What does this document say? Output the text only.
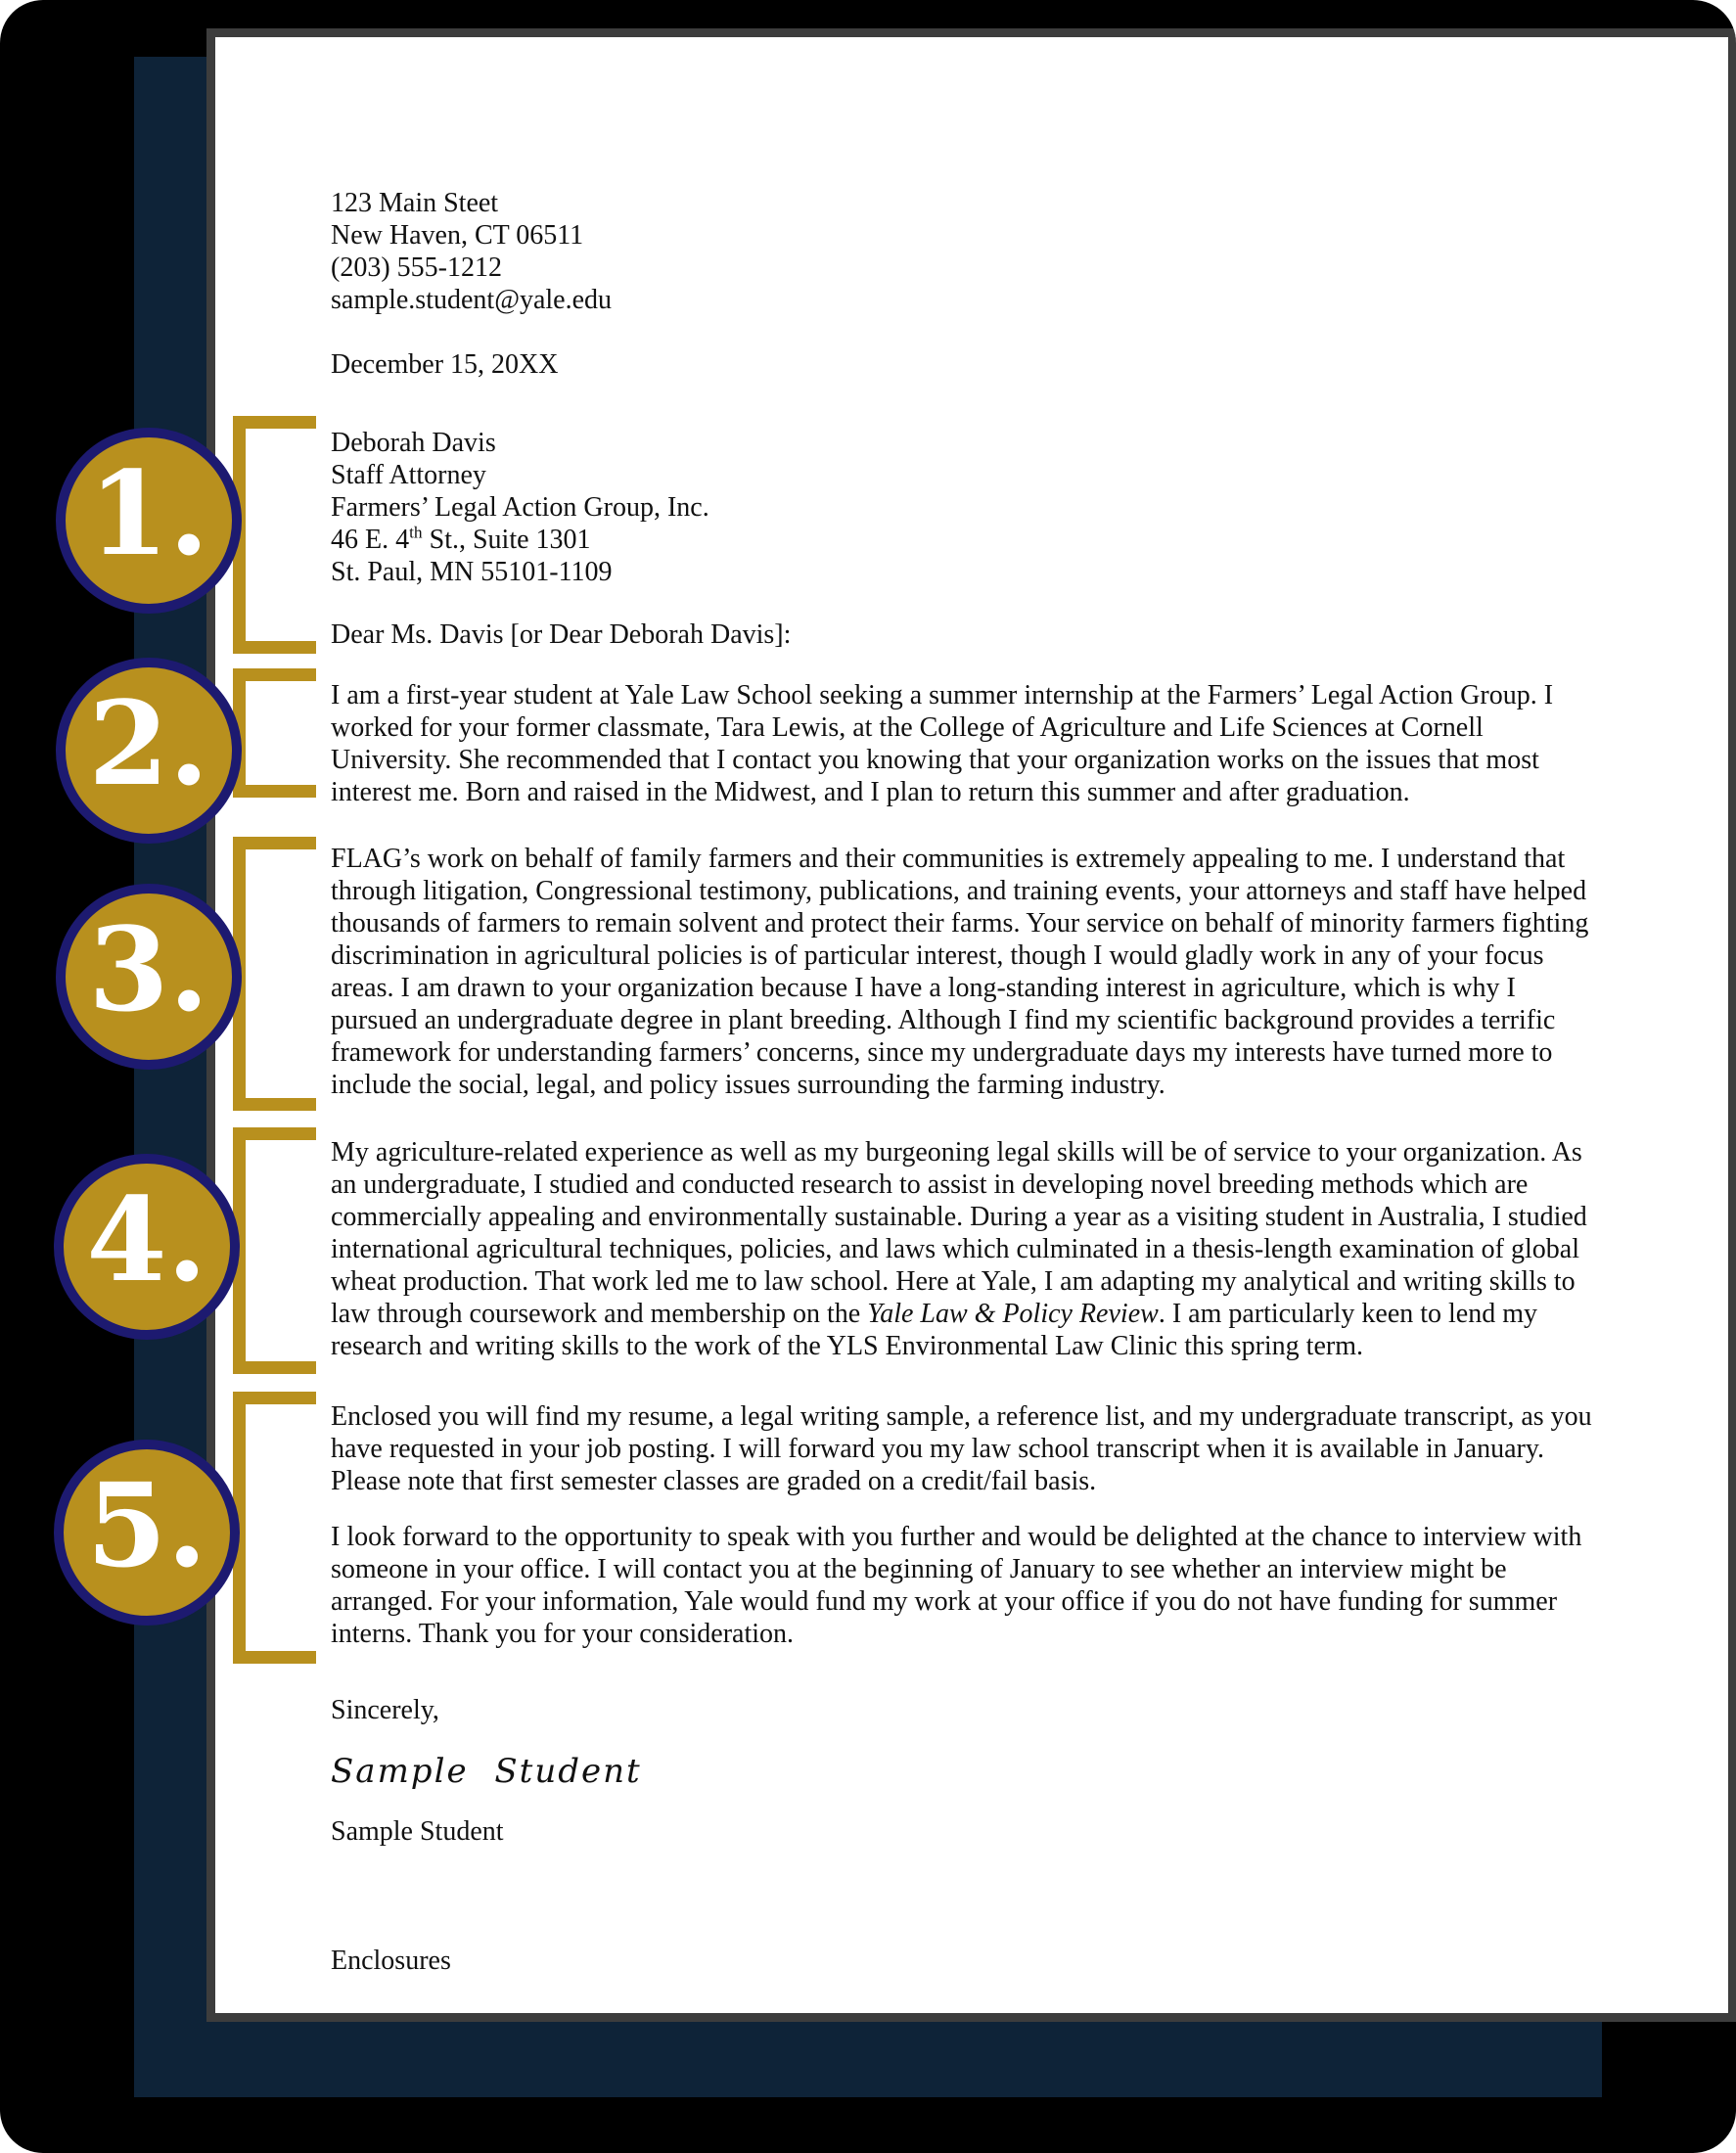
123 Main Steet
New Haven, CT 06511
(203) 555-1212
sample.student@yale.edu
December 15, 20XX
Deborah Davis
Staff Attorney
Farmers’ Legal Action Group, Inc.
46 E. 4th St., Suite 1301
St. Paul, MN 55101-1109
Dear Ms. Davis [or Dear Deborah Davis]:

I am a first-year student at Yale Law School seeking a summer internship at the Farmers’ Legal Action Group. I worked for your former classmate, Tara Lewis, at the College of Agriculture and Life Sciences at Cornell University. She recommended that I contact you knowing that your organization works on the issues that most interest me. Born and raised in the Midwest, and I plan to return this summer and after graduation.

FLAG’s work on behalf of family farmers and their communities is extremely appealing to me. I understand that through litigation, Congressional testimony, publications, and training events, your attorneys and staff have helped thousands of farmers to remain solvent and protect their farms. Your service on behalf of minority farmers fighting discrimination in agricultural policies is of particular interest, though I would gladly work in any of your focus areas. I am drawn to your organization because I have a long-standing interest in agriculture, which is why I pursued an undergraduate degree in plant breeding. Although I find my scientific background provides a terrific framework for understanding farmers’ concerns, since my undergraduate days my interests have turned more to include the social, legal, and policy issues surrounding the farming industry.

My agriculture-related experience as well as my burgeoning legal skills will be of service to your organization. As an undergraduate, I studied and conducted research to assist in developing novel breeding methods which are commercially appealing and environmentally sustainable. During a year as a visiting student in Australia, I studied international agricultural techniques, policies, and laws which culminated in a thesis-length examination of global wheat production. That work led me to law school. Here at Yale, I am adapting my analytical and writing skills to law through coursework and membership on the Yale Law & Policy Review. I am particularly keen to lend my research and writing skills to the work of the YLS Environmental Law Clinic this spring term.

Enclosed you will find my resume, a legal writing sample, a reference list, and my undergraduate transcript, as you have requested in your job posting. I will forward you my law school transcript when it is available in January. Please note that first semester classes are graded on a credit/fail basis.

I look forward to the opportunity to speak with you further and would be delighted at the chance to interview with someone in your office. I will contact you at the beginning of January to see whether an interview might be arranged. For your information, Yale would fund my work at your office if you do not have funding for summer interns. Thank you for your consideration.

Sincerely,
Sample Student
Sample Student
Enclosures
1.
2.
3.
4.
5.
